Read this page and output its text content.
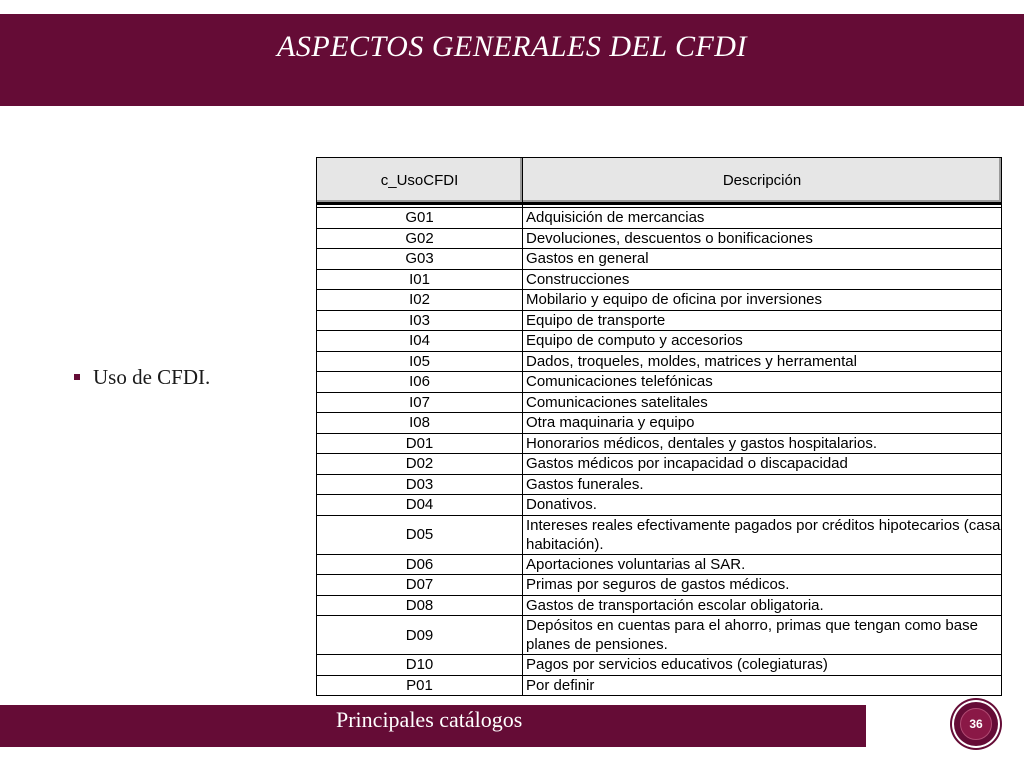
ASPECTOS GENERALES DEL CFDI
Uso de CFDI.
c_UsoCFDI	Descripción

G01	Adquisición de mercancias
G02	Devoluciones, descuentos o bonificaciones
G03	Gastos en general
I01	Construcciones
I02	Mobilario y equipo de oficina por inversiones
I03	Equipo de transporte
I04	Equipo de computo y accesorios
I05	Dados, troqueles, moldes, matrices y herramental
I06	Comunicaciones telefónicas
I07	Comunicaciones satelitales
I08	Otra maquinaria y equipo
D01	Honorarios médicos, dentales y gastos hospitalarios.
D02	Gastos médicos por incapacidad o discapacidad
D03	Gastos funerales.
D04	Donativos.
D05	Intereses reales efectivamente pagados por créditos hipotecarios (casa habitación).
D06	Aportaciones voluntarias al SAR.
D07	Primas por seguros de gastos médicos.
D08	Gastos de transportación escolar obligatoria.
D09	Depósitos en cuentas para el ahorro, primas que tengan como base planes de pensiones.
D10	Pagos por servicios educativos (colegiaturas)
P01	Por definir
Principales catálogos	36
